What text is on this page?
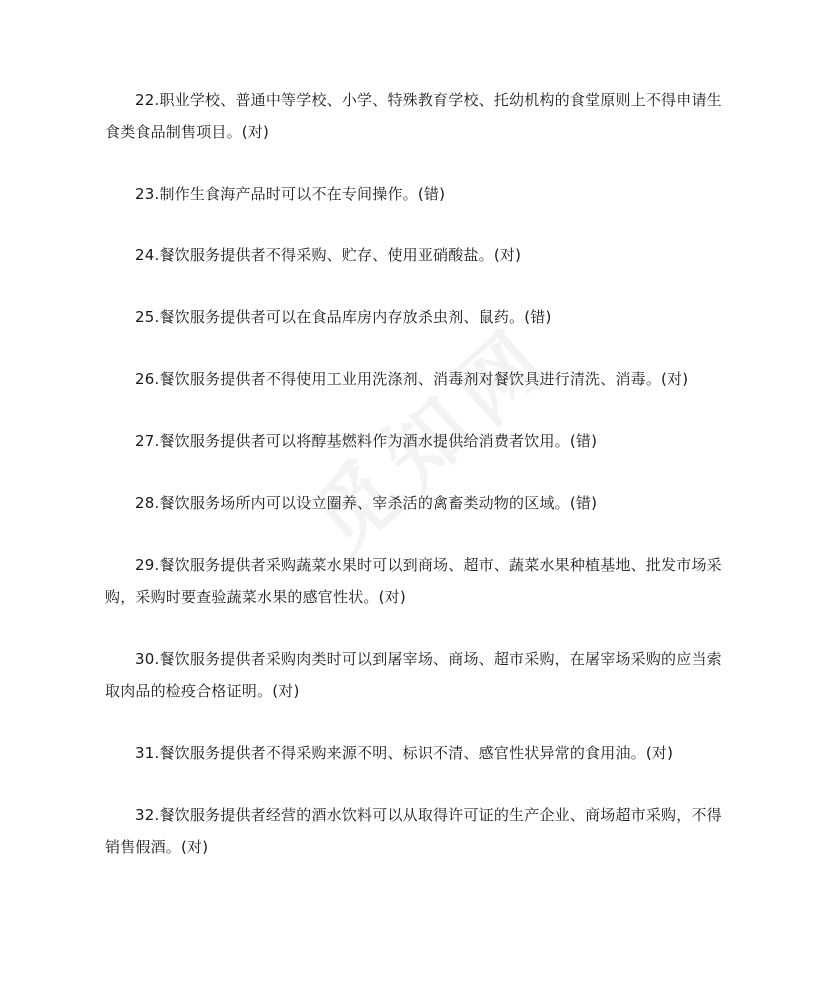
22.职业学校、普通中等学校、小学、特殊教育学校、托幼机构的食堂原则上不得申请生食类食品制售项目。(对)

23.制作生食海产品时可以不在专间操作。(错)

24.餐饮服务提供者不得采购、贮存、使用亚硝酸盐。(对)

25.餐饮服务提供者可以在食品库房内存放杀虫剂、鼠药。(错)

26.餐饮服务提供者不得使用工业用洗涤剂、消毒剂对餐饮具进行清洗、消毒。(对)

27.餐饮服务提供者可以将醇基燃料作为酒水提供给消费者饮用。(错)

28.餐饮服务场所内可以设立圈养、宰杀活的禽畜类动物的区域。(错)

29.餐饮服务提供者采购蔬菜水果时可以到商场、超市、蔬菜水果种植基地、批发市场采购，采购时要查验蔬菜水果的感官性状。(对)

30.餐饮服务提供者采购肉类时可以到屠宰场、商场、超市采购，在屠宰场采购的应当索取肉品的检疫合格证明。(对)

31.餐饮服务提供者不得采购来源不明、标识不清、感官性状异常的食用油。(对)

32.餐饮服务提供者经营的酒水饮料可以从取得许可证的生产企业、商场超市采购，不得销售假酒。(对)
